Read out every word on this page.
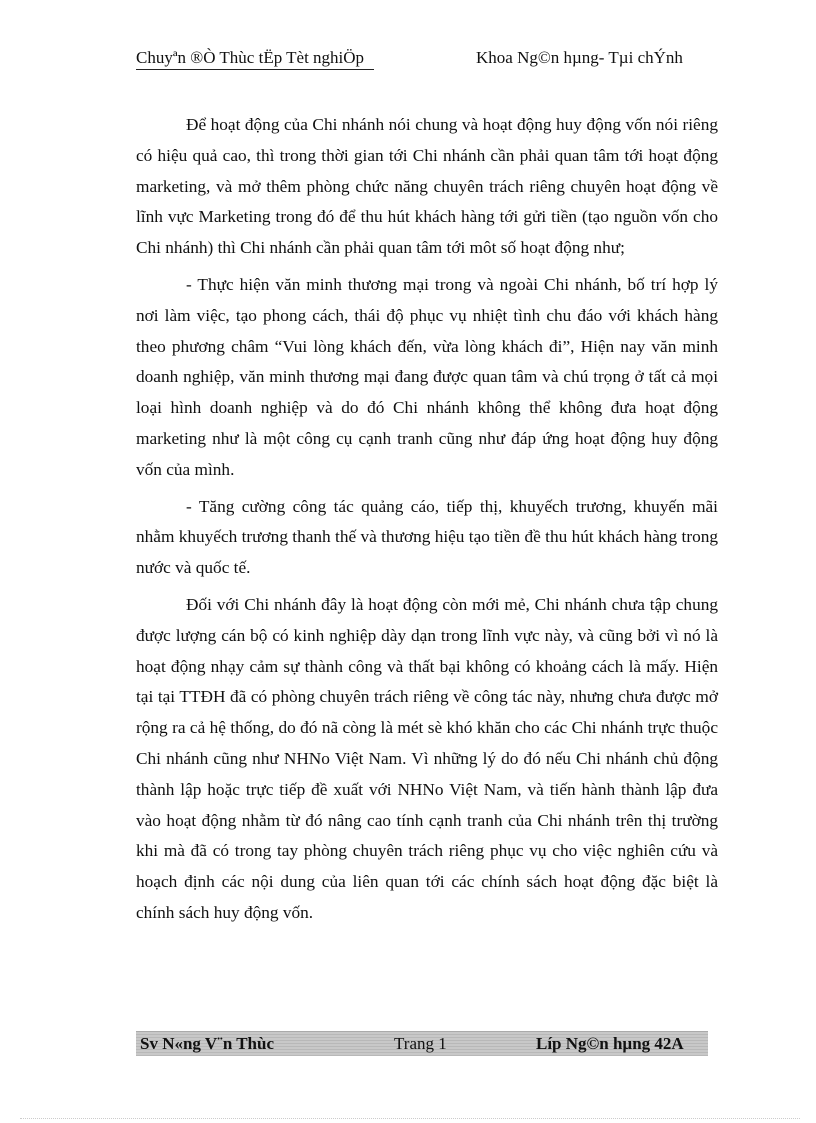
Chuyªn ®Ò Thùc tËp Tèt nghiÖp	Khoa Ng©n hµng- Tµi chÝnh

Để hoạt động của Chi nhánh nói chung và hoạt động huy động vốn nói riêng có hiệu quả cao, thì trong thời gian tới Chi nhánh cần phải quan tâm tới hoạt động marketing, và mở thêm phòng chức năng chuyên trách riêng chuyên hoạt động về lĩnh vực Marketing trong đó để thu hút khách hàng tới gửi tiền (tạo nguồn vốn cho Chi nhánh) thì Chi nhánh cần phải quan tâm tới môt số hoạt động như;

- Thực hiện văn minh thương mại trong và ngoài Chi nhánh, bố trí hợp lý nơi làm việc, tạo phong cách, thái độ phục vụ nhiệt tình chu đáo với khách hàng theo phương châm “Vui lòng khách đến, vừa lòng khách đi”, Hiện nay văn minh doanh nghiệp, văn minh thương mại đang được quan tâm và chú trọng ở tất cả mọi loại hình doanh nghiệp và do đó Chi nhánh không thể không đưa hoạt động marketing như là một công cụ cạnh tranh cũng như đáp ứng hoạt động huy động vốn của mình.

- Tăng cường công tác quảng cáo, tiếp thị, khuyếch trương, khuyến mãi nhằm khuyếch trương thanh thế và thương hiệu tạo tiền đề thu hút khách hàng trong nước và quốc tế.

Đối với Chi nhánh đây là hoạt động còn mới mẻ, Chi nhánh chưa tập chung được lượng cán bộ có kinh nghiệp dày dạn trong lĩnh vực này, và cũng bởi vì nó là hoạt động nhạy cảm sự thành công và thất bại không có khoảng cách là mấy. Hiện tại tại TTĐH đã có phòng chuyên trách riêng về công tác này, nhưng chưa được mở rộng ra cả hệ thống, do đó nã còng là mét sè khó khăn cho các Chi nhánh trực thuộc Chi nhánh cũng như NHNo Việt Nam. Vì những lý do đó nếu Chi nhánh chủ động thành lập hoặc trực tiếp đề xuất với NHNo Việt Nam, và tiến hành thành lập đưa vào hoạt động nhằm từ đó nâng cao tính cạnh tranh của Chi nhánh trên thị trường khi mà đã có trong tay phòng chuyên trách riêng phục vụ cho việc nghiên cứu và hoạch định các nội dung của liên quan tới các chính sách hoạt động đặc biệt là chính sách huy động vốn.

Sv N«ng V¨n Thùc	Trang 1	Líp Ng©n hµng 42A
